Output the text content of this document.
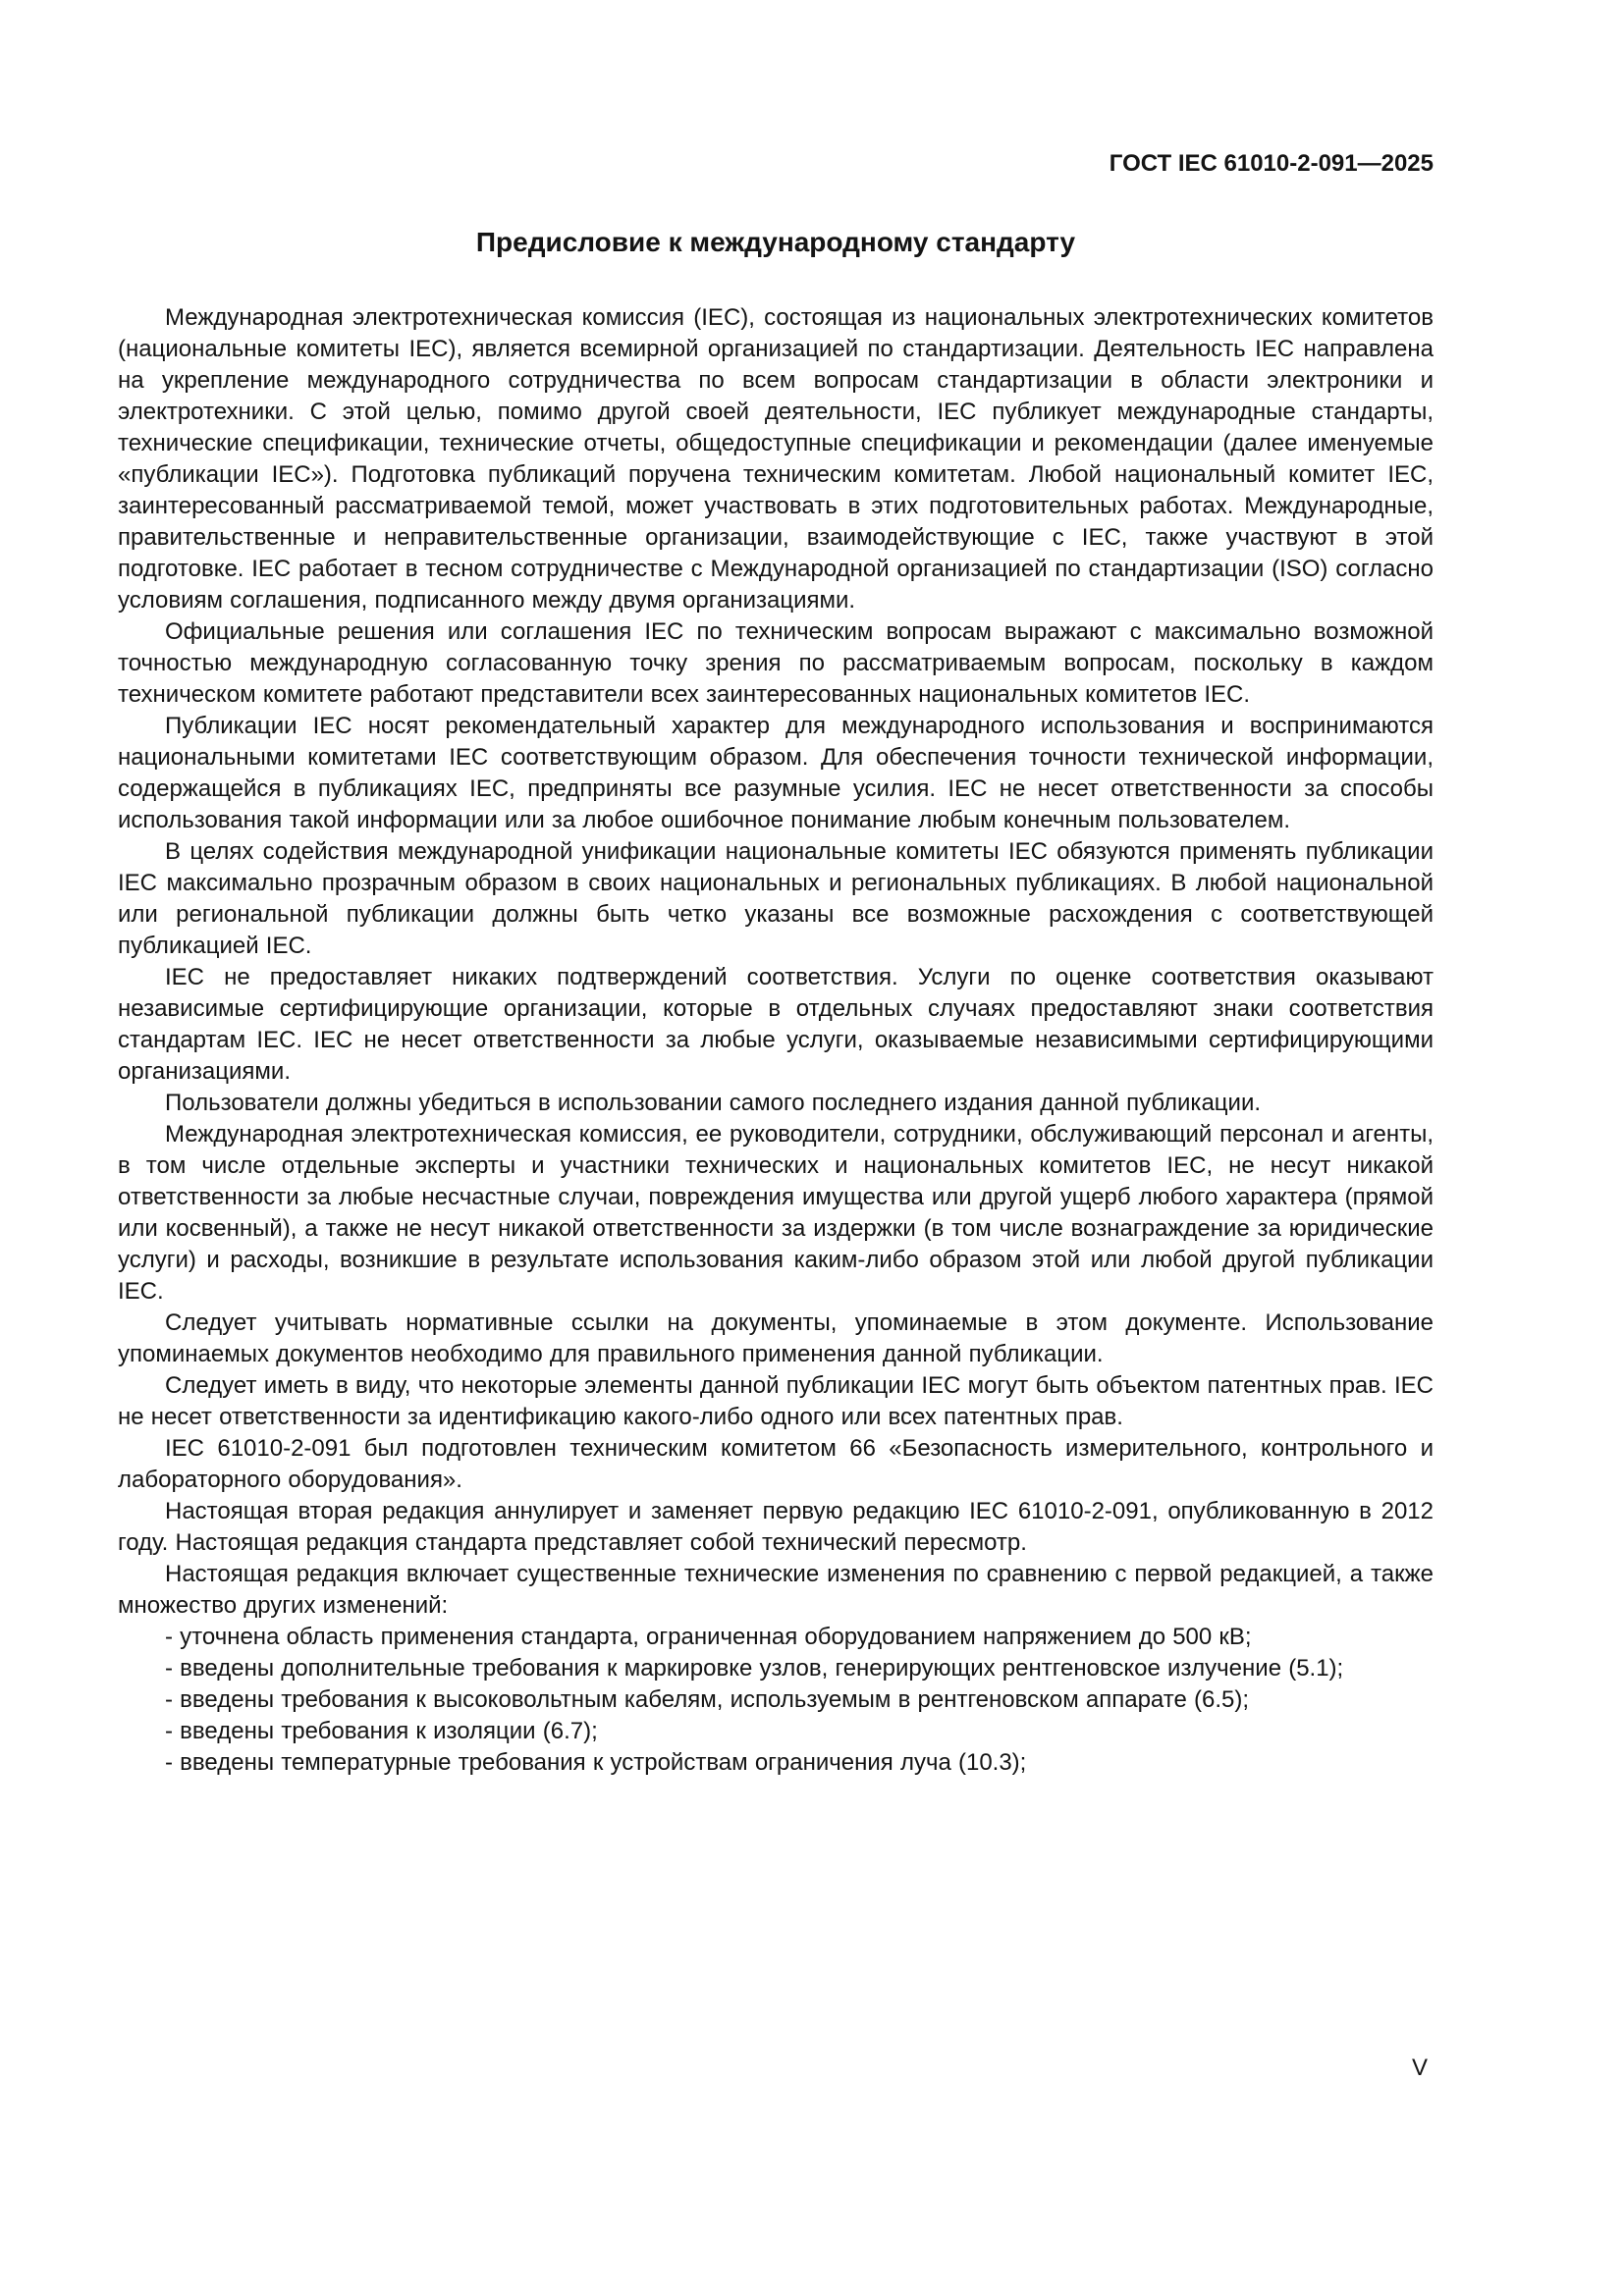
ГОСТ IEC 61010-2-091—2025
Предисловие к международному стандарту

Международная электротехническая комиссия (IEC), состоящая из национальных электротехнических комитетов (национальные комитеты IEC), является всемирной организацией по стандартизации. Деятельность IEC направлена на укрепление международного сотрудничества по всем вопросам стандартизации в области электроники и электротехники. С этой целью, помимо другой своей деятельности, IEC публикует международные стандарты, технические спецификации, технические отчеты, общедоступные спецификации и рекомендации (далее именуемые «публикации IEC»). Подготовка публикаций поручена техническим комитетам. Любой национальный комитет IEC, заинтересованный рассматриваемой темой, может участвовать в этих подготовительных работах. Международные, правительственные и неправительственные организации, взаимодействующие с IEC, также участвуют в этой подготовке. IEC работает в тесном сотрудничестве с Международной организацией по стандартизации (ISO) согласно условиям соглашения, подписанного между двумя организациями.

Официальные решения или соглашения IEC по техническим вопросам выражают с максимально возможной точностью международную согласованную точку зрения по рассматриваемым вопросам, поскольку в каждом техническом комитете работают представители всех заинтересованных национальных комитетов IEC.

Публикации IEC носят рекомендательный характер для международного использования и воспринимаются национальными комитетами IEC соответствующим образом. Для обеспечения точности технической информации, содержащейся в публикациях IEC, предприняты все разумные усилия. IEC не несет ответственности за способы использования такой информации или за любое ошибочное понимание любым конечным пользователем.

В целях содействия международной унификации национальные комитеты IEC обязуются применять публикации IEC максимально прозрачным образом в своих национальных и региональных публикациях. В любой национальной или региональной публикации должны быть четко указаны все возможные расхождения с соответствующей публикацией IEC.

IEC не предоставляет никаких подтверждений соответствия. Услуги по оценке соответствия оказывают независимые сертифицирующие организации, которые в отдельных случаях предоставляют знаки соответствия стандартам IEC. IEC не несет ответственности за любые услуги, оказываемые независимыми сертифицирующими организациями.

Пользователи должны убедиться в использовании самого последнего издания данной публикации.

Международная электротехническая комиссия, ее руководители, сотрудники, обслуживающий персонал и агенты, в том числе отдельные эксперты и участники технических и национальных комитетов IEC, не несут никакой ответственности за любые несчастные случаи, повреждения имущества или другой ущерб любого характера (прямой или косвенный), а также не несут никакой ответственности за издержки (в том числе вознаграждение за юридические услуги) и расходы, возникшие в результате использования каким-либо образом этой или любой другой публикации IEC.

Следует учитывать нормативные ссылки на документы, упоминаемые в этом документе. Использование упоминаемых документов необходимо для правильного применения данной публикации.

Следует иметь в виду, что некоторые элементы данной публикации IEC могут быть объектом патентных прав. IEC не несет ответственности за идентификацию какого-либо одного или всех патентных прав.

IEC 61010-2-091 был подготовлен техническим комитетом 66 «Безопасность измерительного, контрольного и лабораторного оборудования».

Настоящая вторая редакция аннулирует и заменяет первую редакцию IEC 61010-2-091, опубликованную в 2012 году. Настоящая редакция стандарта представляет собой технический пересмотр.

Настоящая редакция включает существенные технические изменения по сравнению с первой редакцией, а также множество других изменений:

- уточнена область применения стандарта, ограниченная оборудованием напряжением до 500 кВ;

- введены дополнительные требования к маркировке узлов, генерирующих рентгеновское излучение (5.1);

- введены требования к высоковольтным кабелям, используемым в рентгеновском аппарате (6.5);

- введены требования к изоляции (6.7);

- введены температурные требования к устройствам ограничения луча (10.3);

V
